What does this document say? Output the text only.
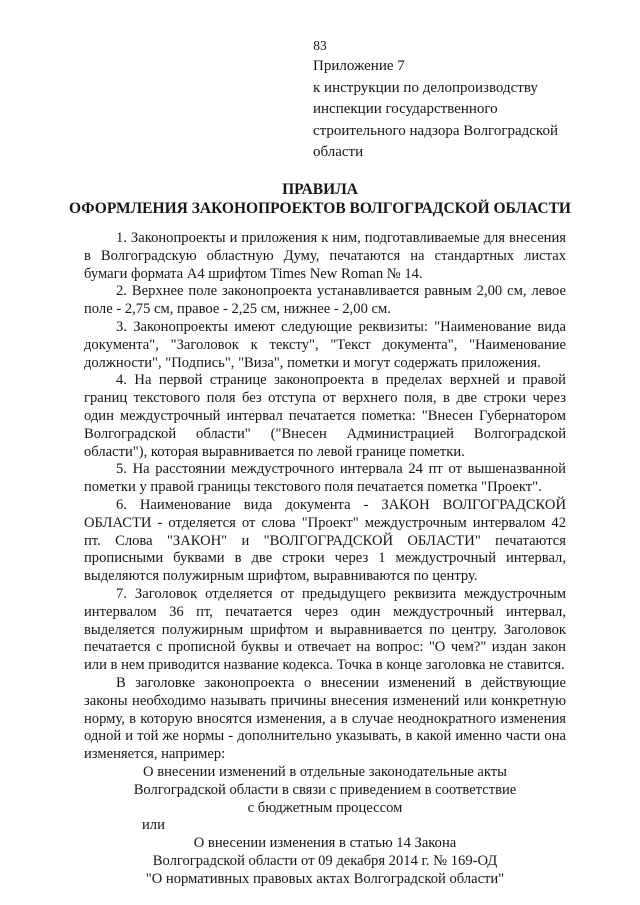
83
Приложение 7
к инструкции по делопроизводству
инспекции государственного
строительного надзора Волгоградской
области
ПРАВИЛА
ОФОРМЛЕНИЯ ЗАКОНОПРОЕКТОВ ВОЛГОГРАДСКОЙ ОБЛАСТИ

1. Законопроекты и приложения к ним, подготавливаемые для внесения в Волгоградскую областную Думу, печатаются на стандартных листах бумаги формата А4 шрифтом Times New Roman № 14.

2. Верхнее поле законопроекта устанавливается равным 2,00 см, левое поле - 2,75 см, правое - 2,25 см, нижнее - 2,00 см.

3. Законопроекты имеют следующие реквизиты: "Наименование вида документа", "Заголовок к тексту", "Текст документа", "Наименование должности", "Подпись", "Виза", пометки и могут содержать приложения.

4. На первой странице законопроекта в пределах верхней и правой границ текстового поля без отступа от верхнего поля, в две строки через один междустрочный интервал печатается пометка: "Внесен Губернатором Волгоградской области" ("Внесен Администрацией Волгоградской области"), которая выравнивается по левой границе пометки.

5. На расстоянии междустрочного интервала 24 пт от вышеназванной пометки у правой границы текстового поля печатается пометка "Проект".

6. Наименование вида документа - ЗАКОН ВОЛГОГРАДСКОЙ ОБЛАСТИ - отделяется от слова "Проект" междустрочным интервалом 42 пт. Слова "ЗАКОН" и "ВОЛГОГРАДСКОЙ ОБЛАСТИ" печатаются прописными буквами в две строки через 1 междустрочный интервал, выделяются полужирным шрифтом, выравниваются по центру.

7. Заголовок отделяется от предыдущего реквизита междустрочным интервалом 36 пт, печатается через один междустрочный интервал, выделяется полужирным шрифтом и выравнивается по центру. Заголовок печатается с прописной буквы и отвечает на вопрос: "О чем?" издан закон или в нем приводится название кодекса. Точка в конце заголовка не ставится.

В заголовке законопроекта о внесении изменений в действующие законы необходимо называть причины внесения изменений или конкретную норму, в которую вносятся изменения, а в случае неоднократного изменения одной и той же нормы - дополнительно указывать, в какой именно части она изменяется, например:

О внесении изменений в отдельные законодательные акты
Волгоградской области в связи с приведением в соответствие
с бюджетным процессом

или

О внесении изменения в статью 14 Закона
Волгоградской области от 09 декабря 2014 г. № 169-ОД
"О нормативных правовых актах Волгоградской области"
